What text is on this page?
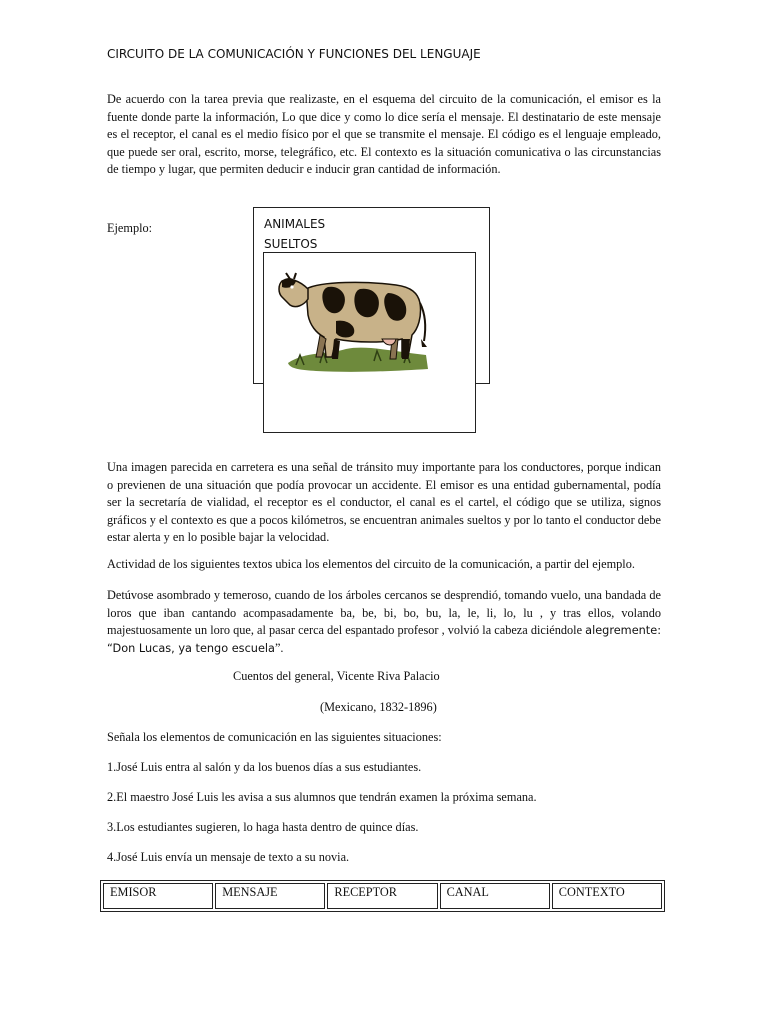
CIRCUITO DE LA COMUNICACIÓN Y FUNCIONES DEL LENGUAJE

De acuerdo con la tarea previa que realizaste, en el esquema del circuito de la comunicación, el emisor es la fuente donde parte la información, Lo que dice y como lo dice sería el mensaje. El destinatario de este mensaje es el receptor, el canal es el medio físico por el que se transmite el mensaje. El código es el lenguaje empleado, que puede ser oral, escrito, morse, telegráfico, etc. El contexto es la situación comunicativa o las circunstancias de tiempo y lugar, que permiten deducir e inducir gran cantidad de información.

Ejemplo:	ANIMALES
SUELTOS

Una imagen parecida en carretera es una señal de tránsito muy importante para los conductores, porque indican o previenen de una situación que podía provocar un accidente. El emisor es una entidad gubernamental, podía ser la secretaría de vialidad, el receptor es el conductor, el canal es el cartel, el código que se utiliza, signos gráficos y el contexto es que a pocos kilómetros, se encuentran animales sueltos y por lo tanto el conductor debe estar alerta y en lo posible bajar la velocidad.

Actividad de los siguientes textos ubica los elementos del circuito de la comunicación, a partir del ejemplo.

Detúvose asombrado y temeroso, cuando de los árboles cercanos se desprendió, tomando vuelo, una bandada de loros que iban cantando acompasadamente ba, be, bi, bo, bu, la, le, li, lo, lu , y tras ellos, volando majestuosamente un loro que, al pasar cerca del espantado profesor , volvió la cabeza diciéndole alegremente: “Don Lucas, ya tengo escuela”.

Cuentos del general, Vicente Riva Palacio
(Mexicano, 1832-1896)
Señala los elementos de comunicación en las siguientes situaciones:
1.José Luis entra al salón y da los buenos días a sus estudiantes.
2.El maestro José Luis les avisa a sus alumnos que tendrán examen la próxima semana.
3.Los estudiantes sugieren, lo haga hasta dentro de quince días.
4.José Luis envía un mensaje de texto a su novia.
EMISOR	MENSAJE	RECEPTOR	CANAL	CONTEXTO
